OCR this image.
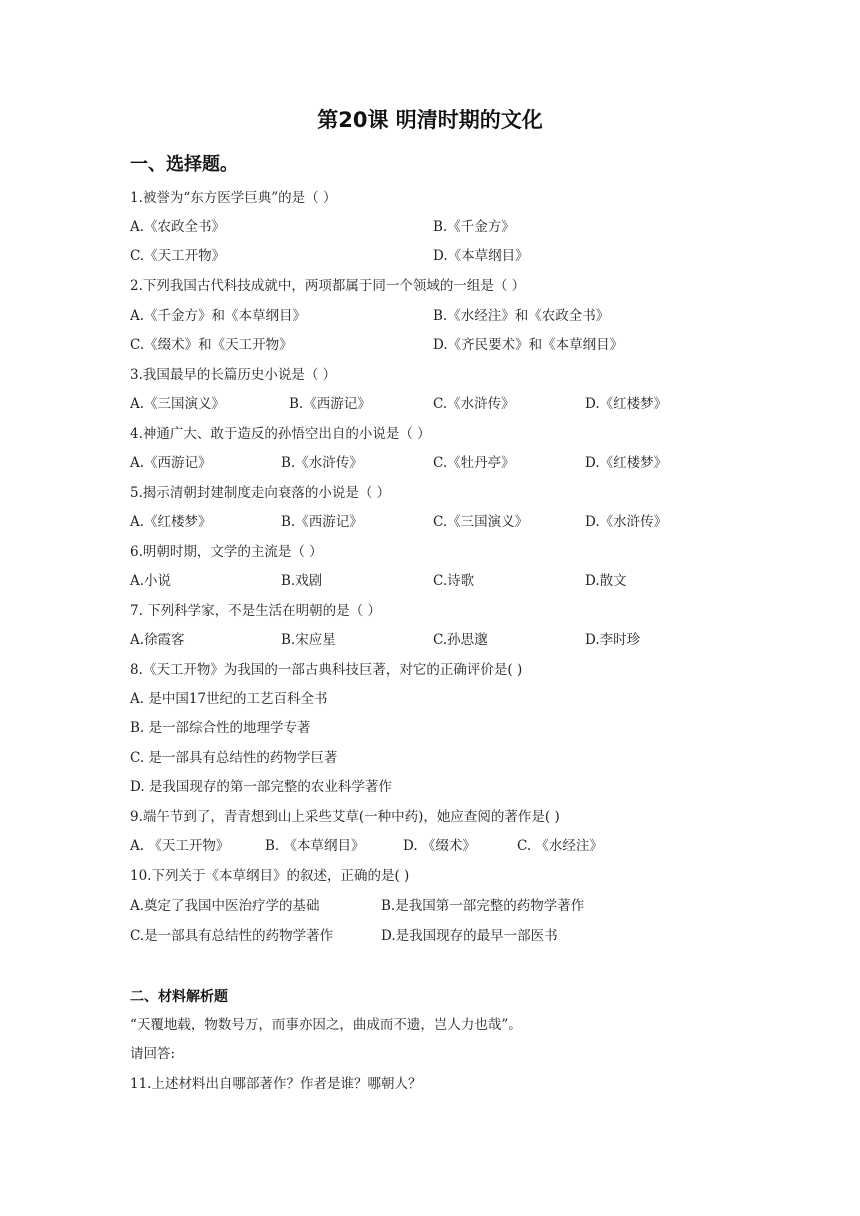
第20课 明清时期的文化
一、选择题。
1.被誉为“东方医学巨典”的是（ ）
A.《农政全书》	B.《千金方》
C.《天工开物》	D.《本草纲目》
2.下列我国古代科技成就中，两项都属于同一个领域的一组是（ ）
A.《千金方》和《本草纲目》	B.《水经注》和《农政全书》
C.《缀术》和《天工开物》	D.《齐民要术》和《本草纲目》
3.我国最早的长篇历史小说是（ ）
A.《三国演义》	B.《西游记》	C.《水浒传》	D.《红楼梦》
4.神通广大、敢于造反的孙悟空出自的小说是（ ）
A.《西游记》	B.《水浒传》	C.《牡丹亭》	D.《红楼梦》
5.揭示清朝封建制度走向衰落的小说是（ ）
A.《红楼梦》	B.《西游记》	C.《三国演义》	D.《水浒传》
6.明朝时期，文学的主流是（ ）
A.小说	B.戏剧	C.诗歌	D.散文
7. 下列科学家，不是生活在明朝的是（ ）
A.徐霞客	B.宋应星	C.孙思邈	D.李时珍
8.《天工开物》为我国的一部古典科技巨著，对它的正确评价是( )
A. 是中国17世纪的工艺百科全书
B. 是一部综合性的地理学专著
C. 是一部具有总结性的药物学巨著
D. 是我国现存的第一部完整的农业科学著作
9.端午节到了，青青想到山上采些艾草(一种中药)，她应查阅的著作是( )
A. 《天工开物》	B. 《本草纲目》	D. 《缀术》	C. 《水经注》
10.下列关于《本草纲目》的叙述，正确的是( )
A.奠定了我国中医治疗学的基础	B.是我国第一部完整的药物学著作
C.是一部具有总结性的药物学著作	D.是我国现存的最早一部医书
二、材料解析题
“天覆地载，物数号万，而事亦因之，曲成而不遗，岂人力也哉”。
请回答:
11.上述材料出自哪部著作？作者是谁？哪朝人？
